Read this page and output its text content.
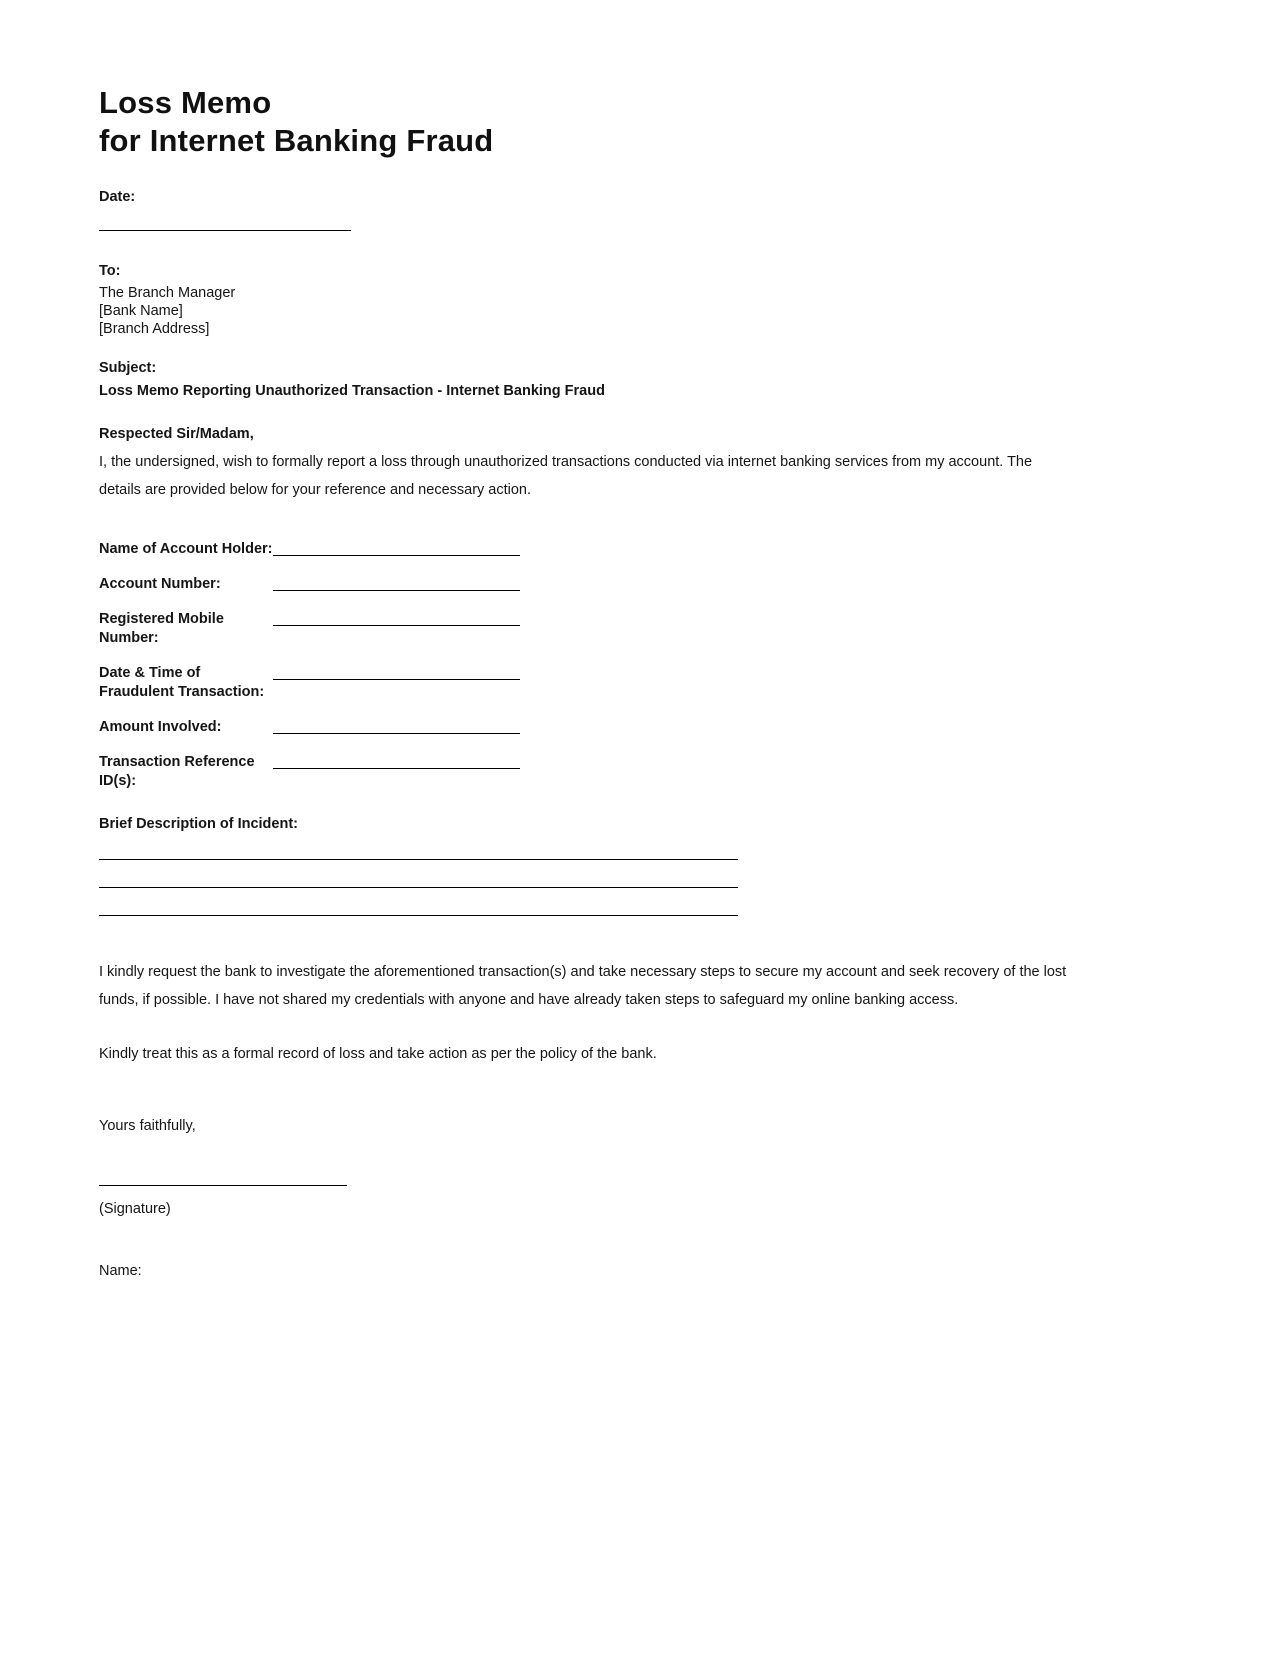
Loss Memo
for Internet Banking Fraud
Date:
To:
The Branch Manager
[Bank Name]
[Branch Address]
Subject:
Loss Memo Reporting Unauthorized Transaction - Internet Banking Fraud
Respected Sir/Madam,
I, the undersigned, wish to formally report a loss through unauthorized transactions conducted via internet banking services from my account. The details are provided below for your reference and necessary action.
Name of Account Holder:
Account Number:
Registered Mobile Number:
Date & Time of Fraudulent Transaction:
Amount Involved:
Transaction Reference ID(s):
Brief Description of Incident:
I kindly request the bank to investigate the aforementioned transaction(s) and take necessary steps to secure my account and seek recovery of the lost funds, if possible. I have not shared my credentials with anyone and have already taken steps to safeguard my online banking access.
Kindly treat this as a formal record of loss and take action as per the policy of the bank.
Yours faithfully,
(Signature)
Name:
